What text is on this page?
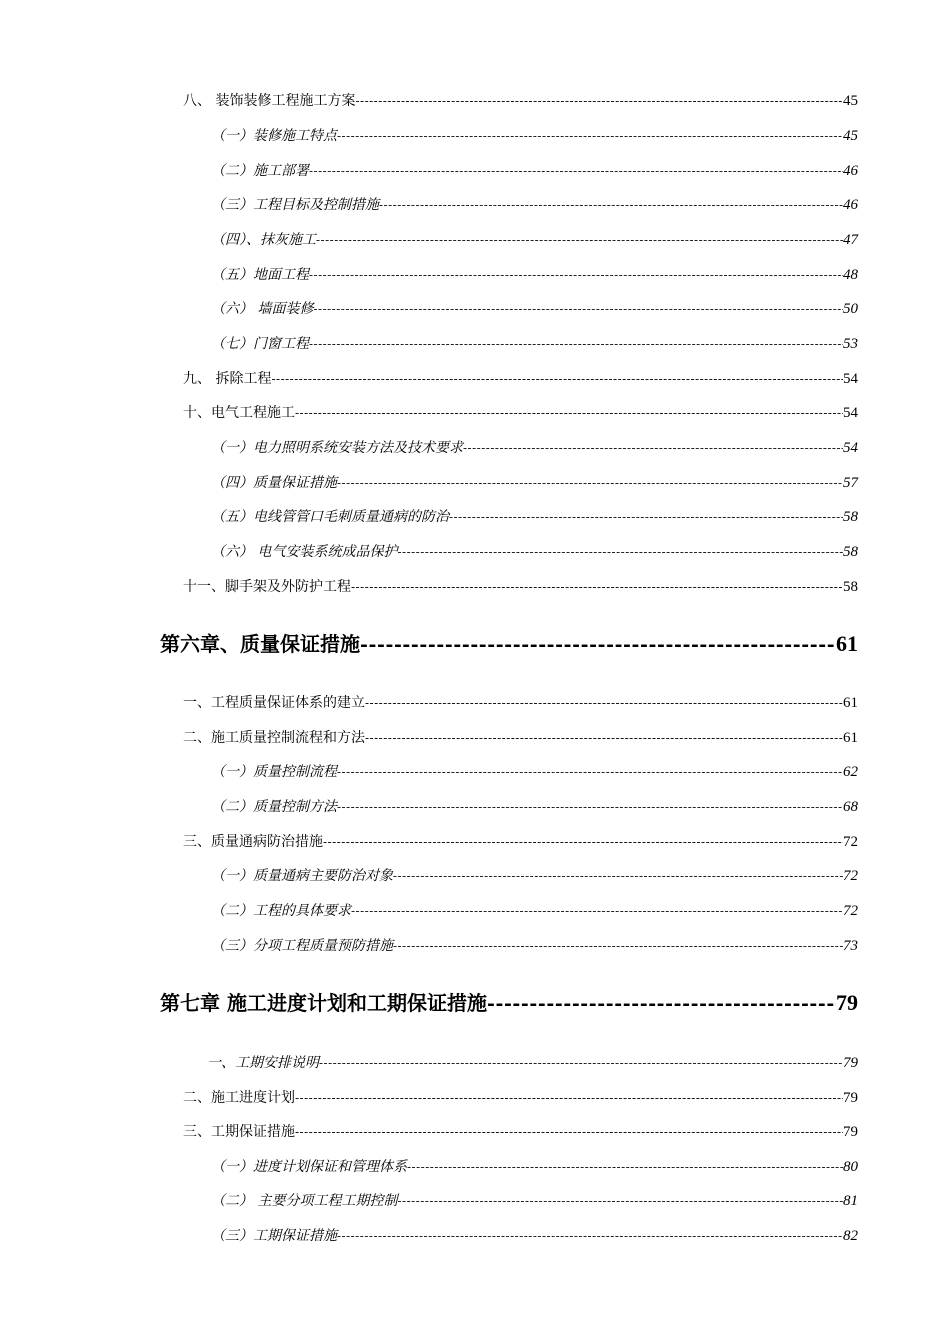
八、 装饰装修工程施工方案 -----	45
（一）装修施工特点 -----	45
（二）施工部署 -----	46
（三）工程目标及控制措施 -----	46
（四）、抹灰施工 -----	47
（五）地面工程 -----	48
（六） 墙面装修 -----	50
（七）门窗工程 -----	53
九、 拆除工程 -----	54
十、电气工程施工 -----	54
（一）电力照明系统安装方法及技术要求 -----	54
（四）质量保证措施 -----	57
（五）电线管管口毛刺质量通病的防治 -----	58
（六） 电气安装系统成品保护 -----	58
十一、脚手架及外防护工程 -----	58
第六章、质量保证措施 -----	61
一、工程质量保证体系的建立 -----	61
二、施工质量控制流程和方法 -----	61
（一）质量控制流程 -----	62
（二）质量控制方法 -----	68
三、质量通病防治措施 -----	72
（一）质量通病主要防治对象 -----	72
（二）工程的具体要求 -----	72
（三）分项工程质量预防措施 -----	73
第七章 施工进度计划和工期保证措施 -----	79
一、工期安排说明 -----	79
二、施工进度计划 -----	79
三、工期保证措施 -----	79
（一）进度计划保证和管理体系 -----	80
（二） 主要分项工程工期控制 -----	81
（三）工期保证措施 -----	82
